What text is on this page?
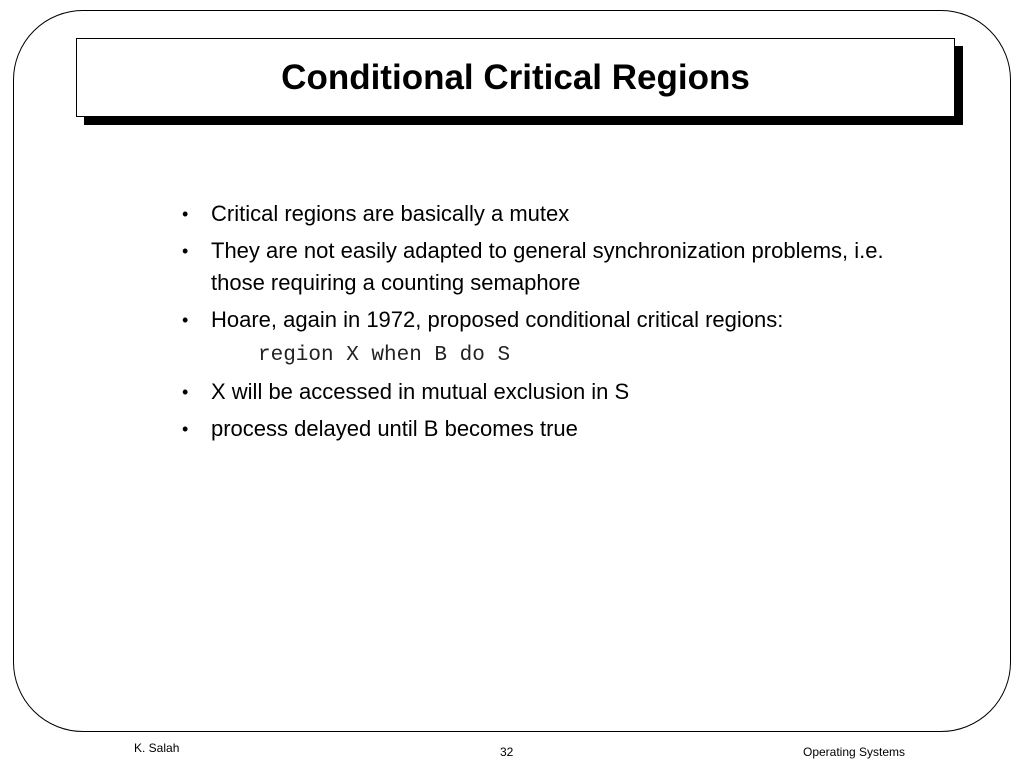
Conditional Critical Regions
• Critical regions are basically a mutex
• They are not easily adapted to general synchronization problems, i.e. those requiring a counting semaphore
• Hoare, again in 1972, proposed conditional critical regions:
region X when B do S
• X will be accessed in mutual exclusion in S
• process delayed until B becomes true
K. Salah	32	Operating Systems
